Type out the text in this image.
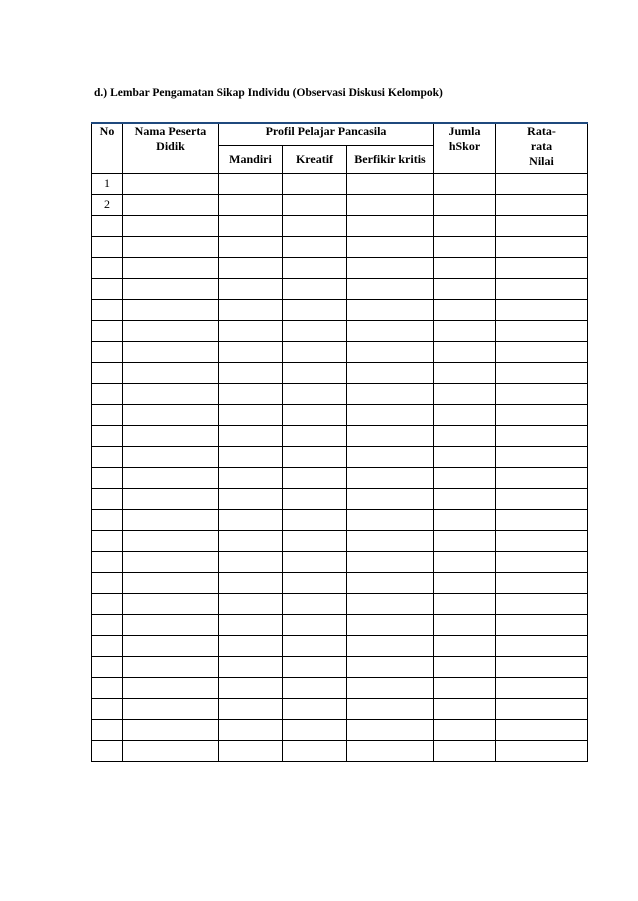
d.) Lembar Pengamatan Sikap Individu (Observasi Diskusi Kelompok)
No	Nama Peserta Didik	Profil Pelajar Pancasila			Jumla hSkor	Rata- rata Nilai
		Mandiri	Kreatif	Berfikir kritis		
1						
2						
